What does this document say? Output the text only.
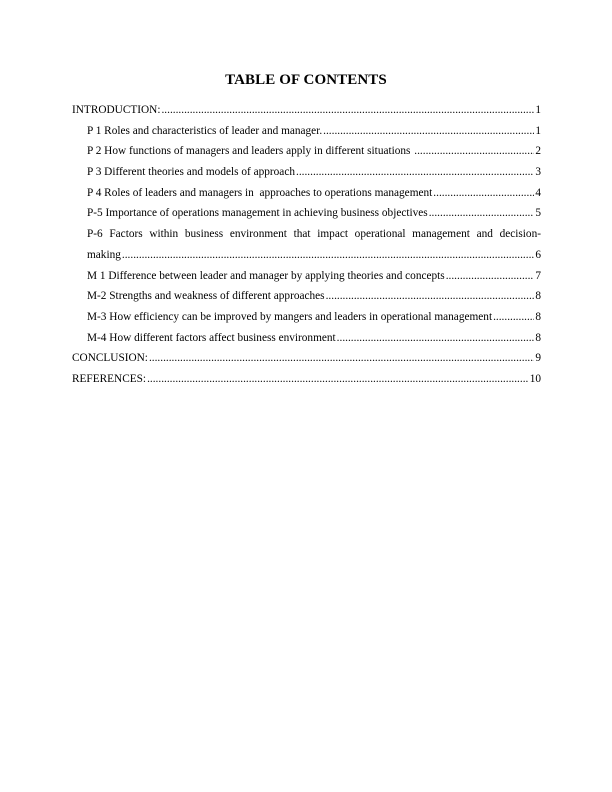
TABLE OF CONTENTS
INTRODUCTION: .....	1
P 1 Roles and characteristics of leader and manager. .....	1
P 2 How functions of managers and leaders apply in different situations .....	2
P 3 Different theories and models of approach .....	3
P 4 Roles of leaders and managers in  approaches to operations management .....	4
P-5 Importance of operations management in achieving business objectives .....	5
P-6 Factors within business environment that impact operational management and decision-
making .....	6
M 1 Difference between leader and manager by applying theories and concepts .....	7
M-2 Strengths and weakness of different approaches .....	8
M-3 How efficiency can be improved by mangers and leaders in operational management .....	8
M-4 How different factors affect business environment .....	8
CONCLUSION: .....	9
REFERENCES: .....	10
